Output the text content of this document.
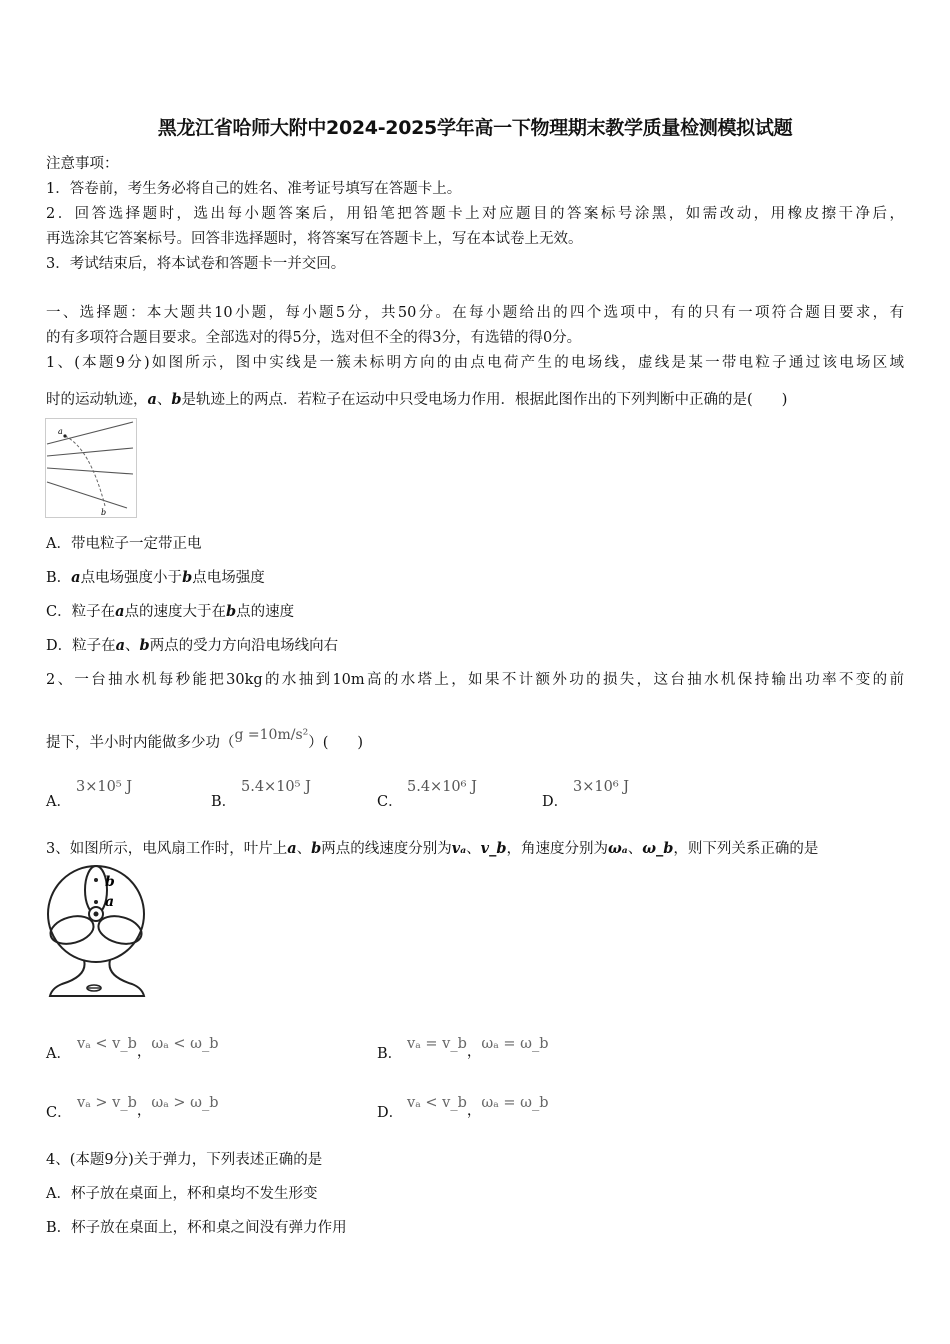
黑龙江省哈师大附中2024-2025学年高一下物理期末教学质量检测模拟试题
注意事项：
1．答卷前，考生务必将自己的姓名、准考证号填写在答题卡上。
2．回答选择题时，选出每小题答案后，用铅笔把答题卡上对应题目的答案标号涂黑，如需改动，用橡皮擦干净后，
再选涂其它答案标号。回答非选择题时，将答案写在答题卡上，写在本试卷上无效。
3．考试结束后，将本试卷和答题卡一并交回。
一、选择题：本大题共10小题，每小题5分，共50分。在每小题给出的四个选项中，有的只有一项符合题目要求，有
的有多项符合题目要求。全部选对的得5分，选对但不全的得3分，有选错的得0分。
1、(本题9分)如图所示，图中实线是一簇未标明方向的由点电荷产生的电场线，虚线是某一带电粒子通过该电场区域
时的运动轨迹，a、b是轨迹上的两点．若粒子在运动中只受电场力作用．根据此图作出的下列判断中正确的是(　　)
a
b
A．带电粒子一定带正电
B．a点电场强度小于b点电场强度
C．粒子在a点的速度大于在b点的速度
D．粒子在a、b两点的受力方向沿电场线向右
2、一台抽水机每秒能把30kg的水抽到10m高的水塔上，如果不计额外功的损失，这台抽水机保持输出功率不变的前
提下，半小时内能做多少功（g =10m/s²）(　　)
A．
3×10⁵ J
B．
5.4×10⁵ J
C．
5.4×10⁶ J
D．
3×10⁶ J
3、如图所示，电风扇工作时，叶片上a、b两点的线速度分别为vₐ、v_b，角速度分别为ωₐ、ω_b，则下列关系正确的是
b
a
A．
vₐ < v_b，ωₐ < ω_b
B．
vₐ = v_b，ωₐ = ω_b
C．
vₐ > v_b，ωₐ > ω_b
D．
vₐ < v_b，ωₐ = ω_b
4、(本题9分)关于弹力，下列表述正确的是
A．杯子放在桌面上，杯和桌均不发生形变
B．杯子放在桌面上，杯和桌之间没有弹力作用
